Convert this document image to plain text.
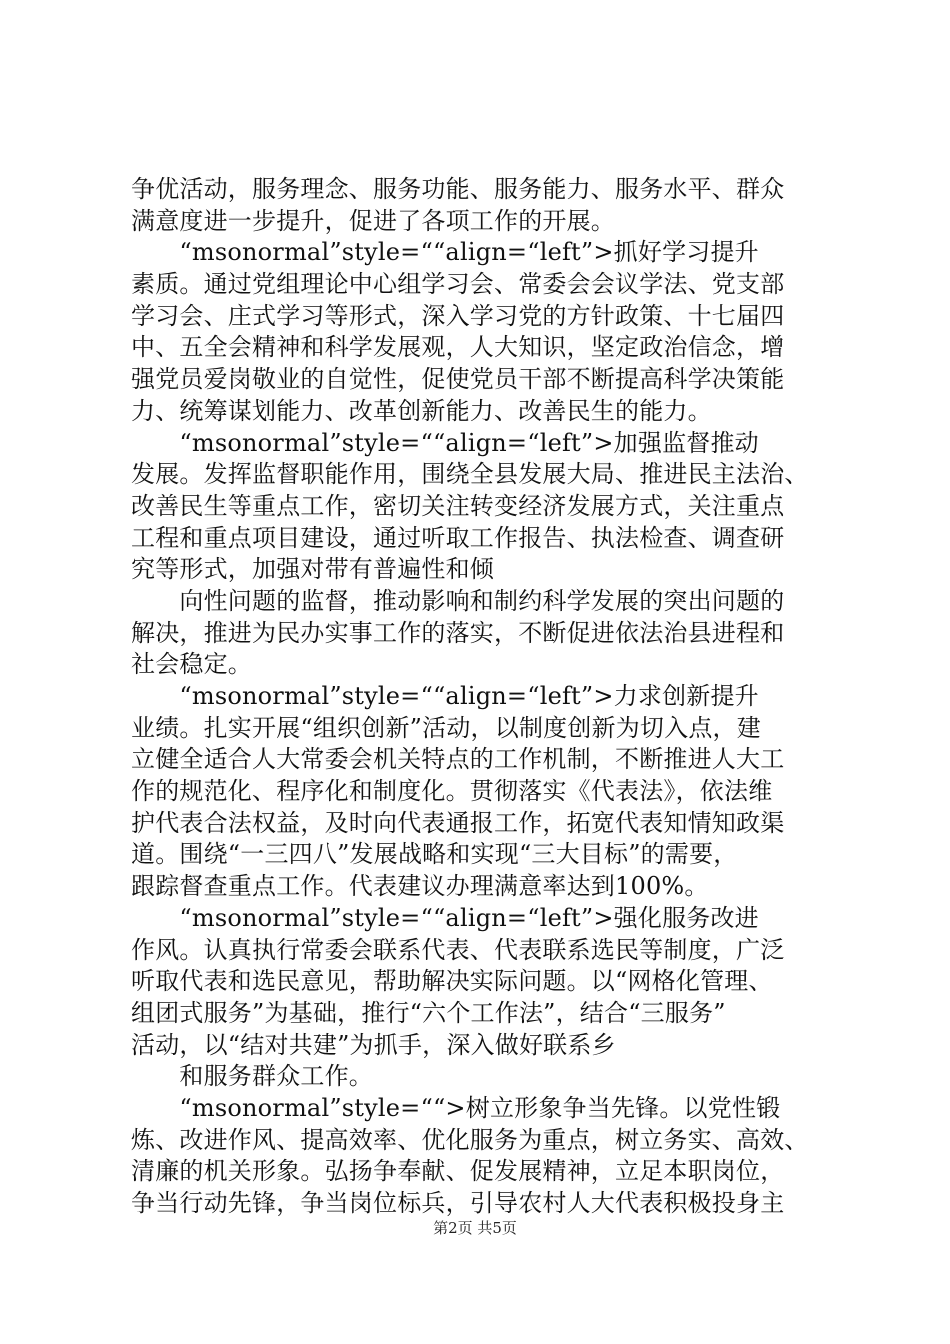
争优活动，服务理念、服务功能、服务能力、服务水平、群众
满意度进一步提升，促进了各项工作的开展。
　　“msonormal”style=““align=“left”>抓好学习提升
素质。通过党组理论中心组学习会、常委会会议学法、党支部
学习会、庄式学习等形式，深入学习党的方针政策、十七届四
中、五全会精神和科学发展观，人大知识，坚定政治信念，增
强党员爱岗敬业的自觉性，促使党员干部不断提高科学决策能
力、统筹谋划能力、改革创新能力、改善民生的能力。
　　“msonormal”style=““align=“left”>加强监督推动
发展。发挥监督职能作用，围绕全县发展大局、推进民主法治、
改善民生等重点工作，密切关注转变经济发展方式，关注重点
工程和重点项目建设，通过听取工作报告、执法检查、调查研
究等形式，加强对带有普遍性和倾
　　向性问题的监督，推动影响和制约科学发展的突出问题的
解决，推进为民办实事工作的落实，不断促进依法治县进程和
社会稳定。
　　“msonormal”style=““align=“left”>力求创新提升
业绩。扎实开展“组织创新”活动，以制度创新为切入点，建
立健全适合人大常委会机关特点的工作机制，不断推进人大工
作的规范化、程序化和制度化。贯彻落实《代表法》，依法维
护代表合法权益，及时向代表通报工作，拓宽代表知情知政渠
道。围绕“一三四八”发展战略和实现“三大目标”的需要，
跟踪督查重点工作。代表建议办理满意率达到100%。
　　“msonormal”style=““align=“left”>强化服务改进
作风。认真执行常委会联系代表、代表联系选民等制度，广泛
听取代表和选民意见，帮助解决实际问题。以“网格化管理、
组团式服务”为基础，推行“六个工作法”，结合“三服务”
活动，以“结对共建”为抓手，深入做好联系乡
　　和服务群众工作。
　　“msonormal”style=““>树立形象争当先锋。以党性锻
炼、改进作风、提高效率、优化服务为重点，树立务实、高效、
清廉的机关形象。弘扬争奉献、促发展精神，立足本职岗位，
争当行动先锋，争当岗位标兵，引导农村人大代表积极投身主
第2页 共5页
